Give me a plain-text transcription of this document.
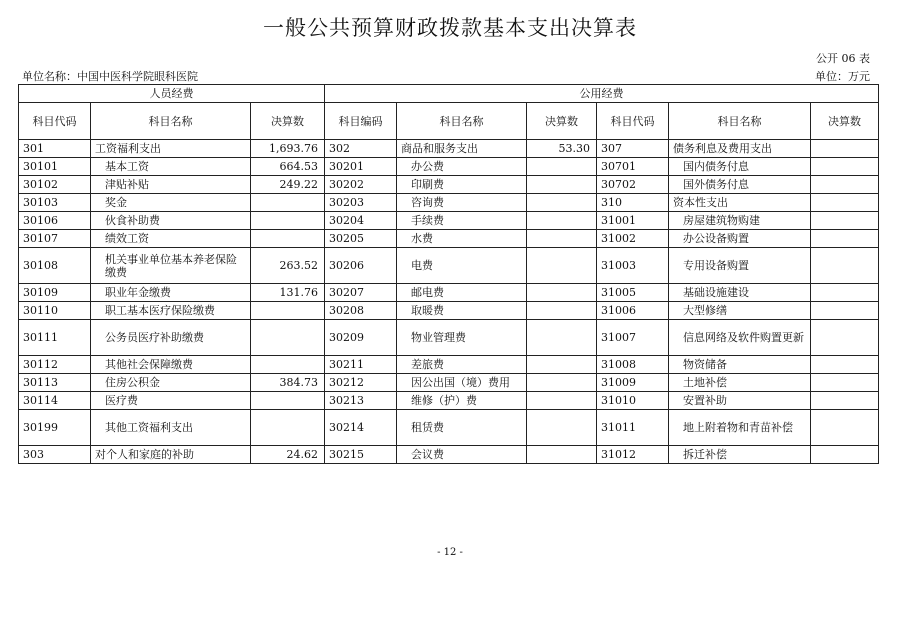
一般公共预算财政拨款基本支出决算表
公开 06 表
单位名称：中国中医科学院眼科医院	单位：万元
人员经费			公用经费					
科目代码	科目名称	决算数	科目编码	科目名称	决算数	科目代码	科目名称	决算数
301	工资福利支出	1,693.76	302	商品和服务支出	53.30	307	债务利息及费用支出	
30101	基本工资	664.53	30201	办公费		30701	国内债务付息	
30102	津贴补贴	249.22	30202	印刷费		30702	国外债务付息	
30103	奖金		30203	咨询费		310	资本性支出	
30106	伙食补助费		30204	手续费		31001	房屋建筑物购建	
30107	绩效工资		30205	水费		31002	办公设备购置	
30108	机关事业单位基本养老保险缴费	263.52	30206	电费		31003	专用设备购置	
30109	职业年金缴费	131.76	30207	邮电费		31005	基础设施建设	
30110	职工基本医疗保险缴费		30208	取暖费		31006	大型修缮	
30111	公务员医疗补助缴费		30209	物业管理费		31007	信息网络及软件购置更新	
30112	其他社会保障缴费		30211	差旅费		31008	物资储备	
30113	住房公积金	384.73	30212	因公出国（境）费用		31009	土地补偿	
30114	医疗费		30213	维修（护）费		31010	安置补助	
30199	其他工资福利支出		30214	租赁费		31011	地上附着物和青苗补偿	
303	对个人和家庭的补助	24.62	30215	会议费		31012	拆迁补偿	
- 12 -
